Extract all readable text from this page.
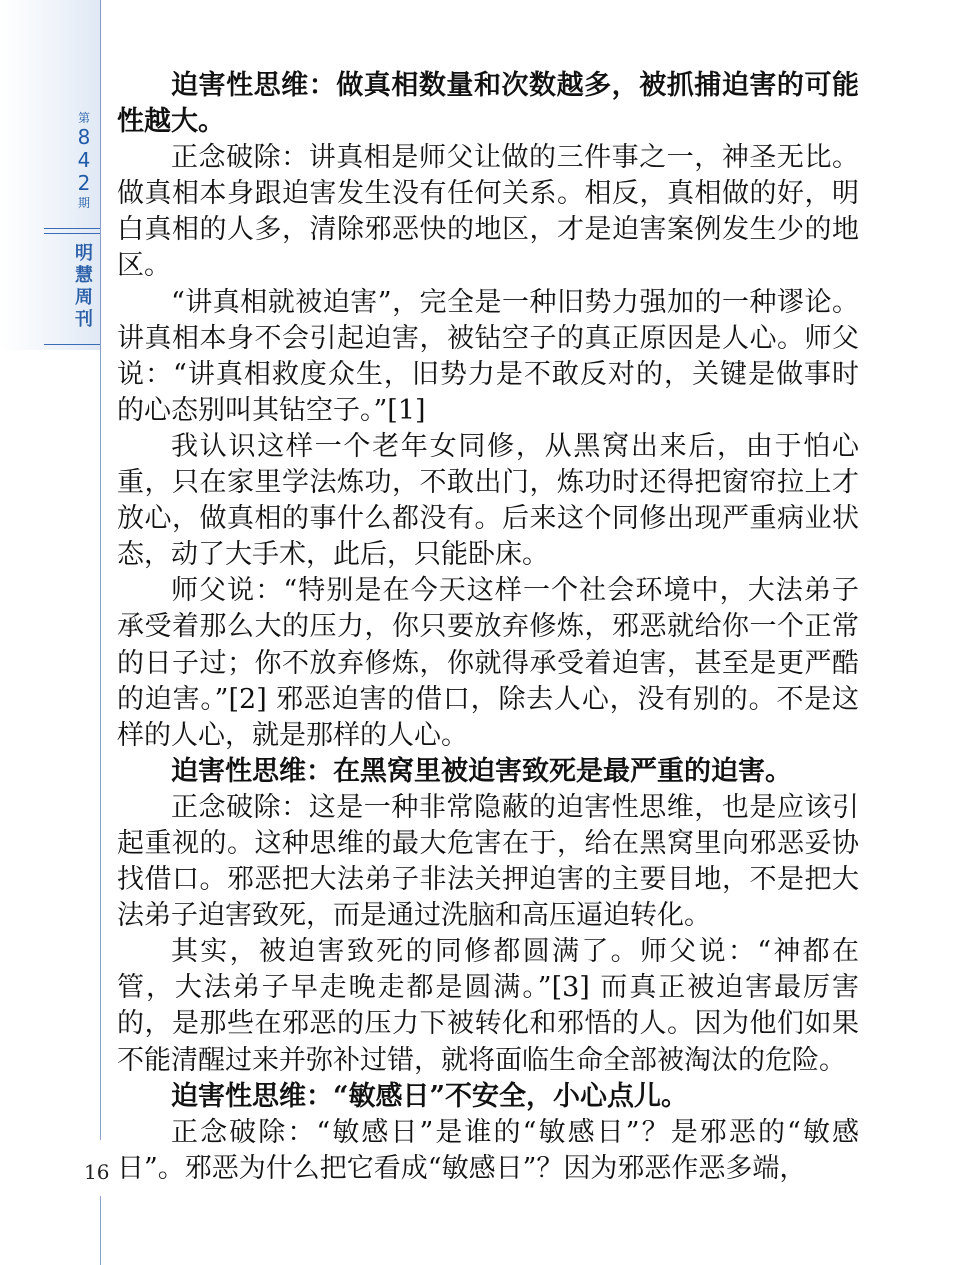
第
8
4
2
期
明
慧
周
刊
16

迫害性思维：做真相数量和次数越多，被抓捕迫害的可能性越大。

正念破除：讲真相是师父让做的三件事之一，神圣无比。做真相本身跟迫害发生没有任何关系。相反，真相做的好，明白真相的人多，清除邪恶快的地区，才是迫害案例发生少的地区。

“讲真相就被迫害”，完全是一种旧势力强加的一种谬论。讲真相本身不会引起迫害，被钻空子的真正原因是人心。师父说：“讲真相救度众生，旧势力是不敢反对的，关键是做事时的心态别叫其钻空子。”[1]

我认识这样一个老年女同修，从黑窝出来后，由于怕心重，只在家里学法炼功，不敢出门，炼功时还得把窗帘拉上才放心，做真相的事什么都没有。后来这个同修出现严重病业状态，动了大手术，此后，只能卧床。

师父说：“特别是在今天这样一个社会环境中，大法弟子承受着那么大的压力，你只要放弃修炼，邪恶就给你一个正常的日子过；你不放弃修炼，你就得承受着迫害，甚至是更严酷的迫害。”[2] 邪恶迫害的借口，除去人心，没有别的。不是这样的人心，就是那样的人心。

迫害性思维：在黑窝里被迫害致死是最严重的迫害。

正念破除：这是一种非常隐蔽的迫害性思维，也是应该引起重视的。这种思维的最大危害在于，给在黑窝里向邪恶妥协找借口。邪恶把大法弟子非法关押迫害的主要目地，不是把大法弟子迫害致死，而是通过洗脑和高压逼迫转化。

其实，被迫害致死的同修都圆满了。师父说：“神都在管，大法弟子早走晚走都是圆满。”[3] 而真正被迫害最厉害的，是那些在邪恶的压力下被转化和邪悟的人。因为他们如果不能清醒过来并弥补过错，就将面临生命全部被淘汰的危险。

迫害性思维：“敏感日”不安全，小心点儿。

正念破除：“敏感日”是谁的“敏感日”？是邪恶的“敏感日”。邪恶为什么把它看成“敏感日”？因为邪恶作恶多端，
